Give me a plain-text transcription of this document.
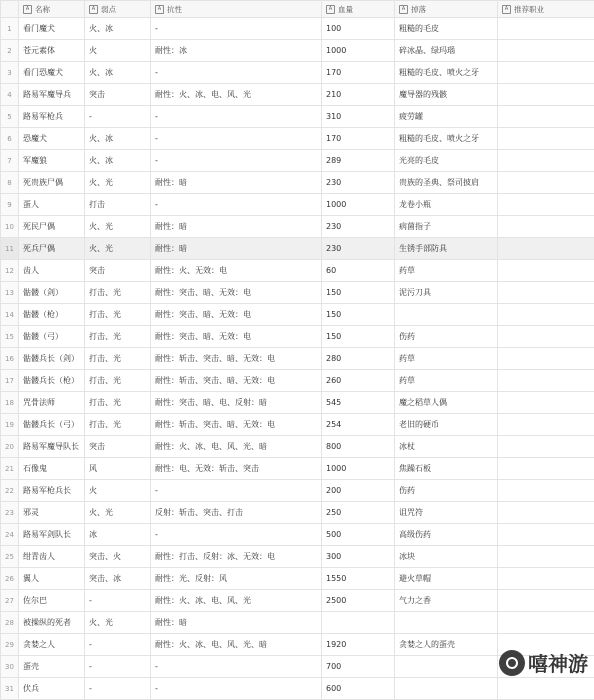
	A 名称	A 弱点	A 抗性	A 血量	A 掉落	A 推荐职业

1	看门魔犬	火、冰	-	100	粗糙的毛皮	
2	苍元素体	火	耐性：冰	1000	碎冰晶、绿玛瑙	
3	看门恐魔犬	火、冰	-	170	粗糙的毛皮、喷火之牙	
4	路易军魔导兵	突击	耐性：火、冰、电、风、光	210	魔导器的残骸	
5	路易军枪兵	-	-	310	疲劳罐	
6	恐魔犬	火、冰	-	170	粗糙的毛皮、喷火之牙	
7	军魔狼	火、冰	-	289	光亮的毛皮	
8	死贵族尸偶	火、光	耐性：暗	230	贵族的圣典、祭司披肩	
9	蛋人	打击	-	1000	龙卷小瓶	
10	死民尸偶	火、光	耐性：暗	230	病菌指子	
11	死兵尸偶	火、光	耐性：暗	230	生锈手部防具	
12	齿人	突击	耐性：火、无效：电	60	药草	
13	骷髅（剑）	打击、光	耐性：突击、暗、无效：电	150	泥污刀具	
14	骷髅（枪）	打击、光	耐性：突击、暗、无效：电	150		
15	骷髅（弓）	打击、光	耐性：突击、暗、无效：电	150	伤药	
16	骷髅兵长（剑）	打击、光	耐性：斩击、突击、暗、无效：电	280	药草	
17	骷髅兵长（枪）	打击、光	耐性：斩击、突击、暗、无效：电	260	药草	
18	咒骨法师	打击、光	耐性：突击、暗、电、反射：暗	545	魔之稻草人偶	
19	骷髅兵长（弓）	打击、光	耐性：斩击、突击、暗、无效：电	254	老旧的硬币	
20	路易军魔导队长	突击	耐性：火、冰、电、风、光、暗	800	冰杖	
21	石像鬼	风	耐性：电、无效：斩击、突击	1000	焦躁石板	
22	路易军枪兵长	火	-	200	伤药	
23	邪灵	火、光	反射：斩击、突击、打击	250	诅咒符	
24	路易军剑队长	冰	-	500	高级伤药	
25	绀青齿人	突击、火	耐性：打击、反射：冰、无效：电	300	冰块	
26	翼人	突击、冰	耐性：光、反射：风	1550	避火草帽	
27	佐尔巴	-	耐性：火、冰、电、风、光	2500	气力之香	
28	被操纵的死者	火、光	耐性：暗			
29	贪婪之人	-	耐性：火、冰、电、风、光、暗	1920	贪婪之人的蛋壳	
30	蛋壳	-	-	700		
31	伏兵	-	-	600		
嘻神游
